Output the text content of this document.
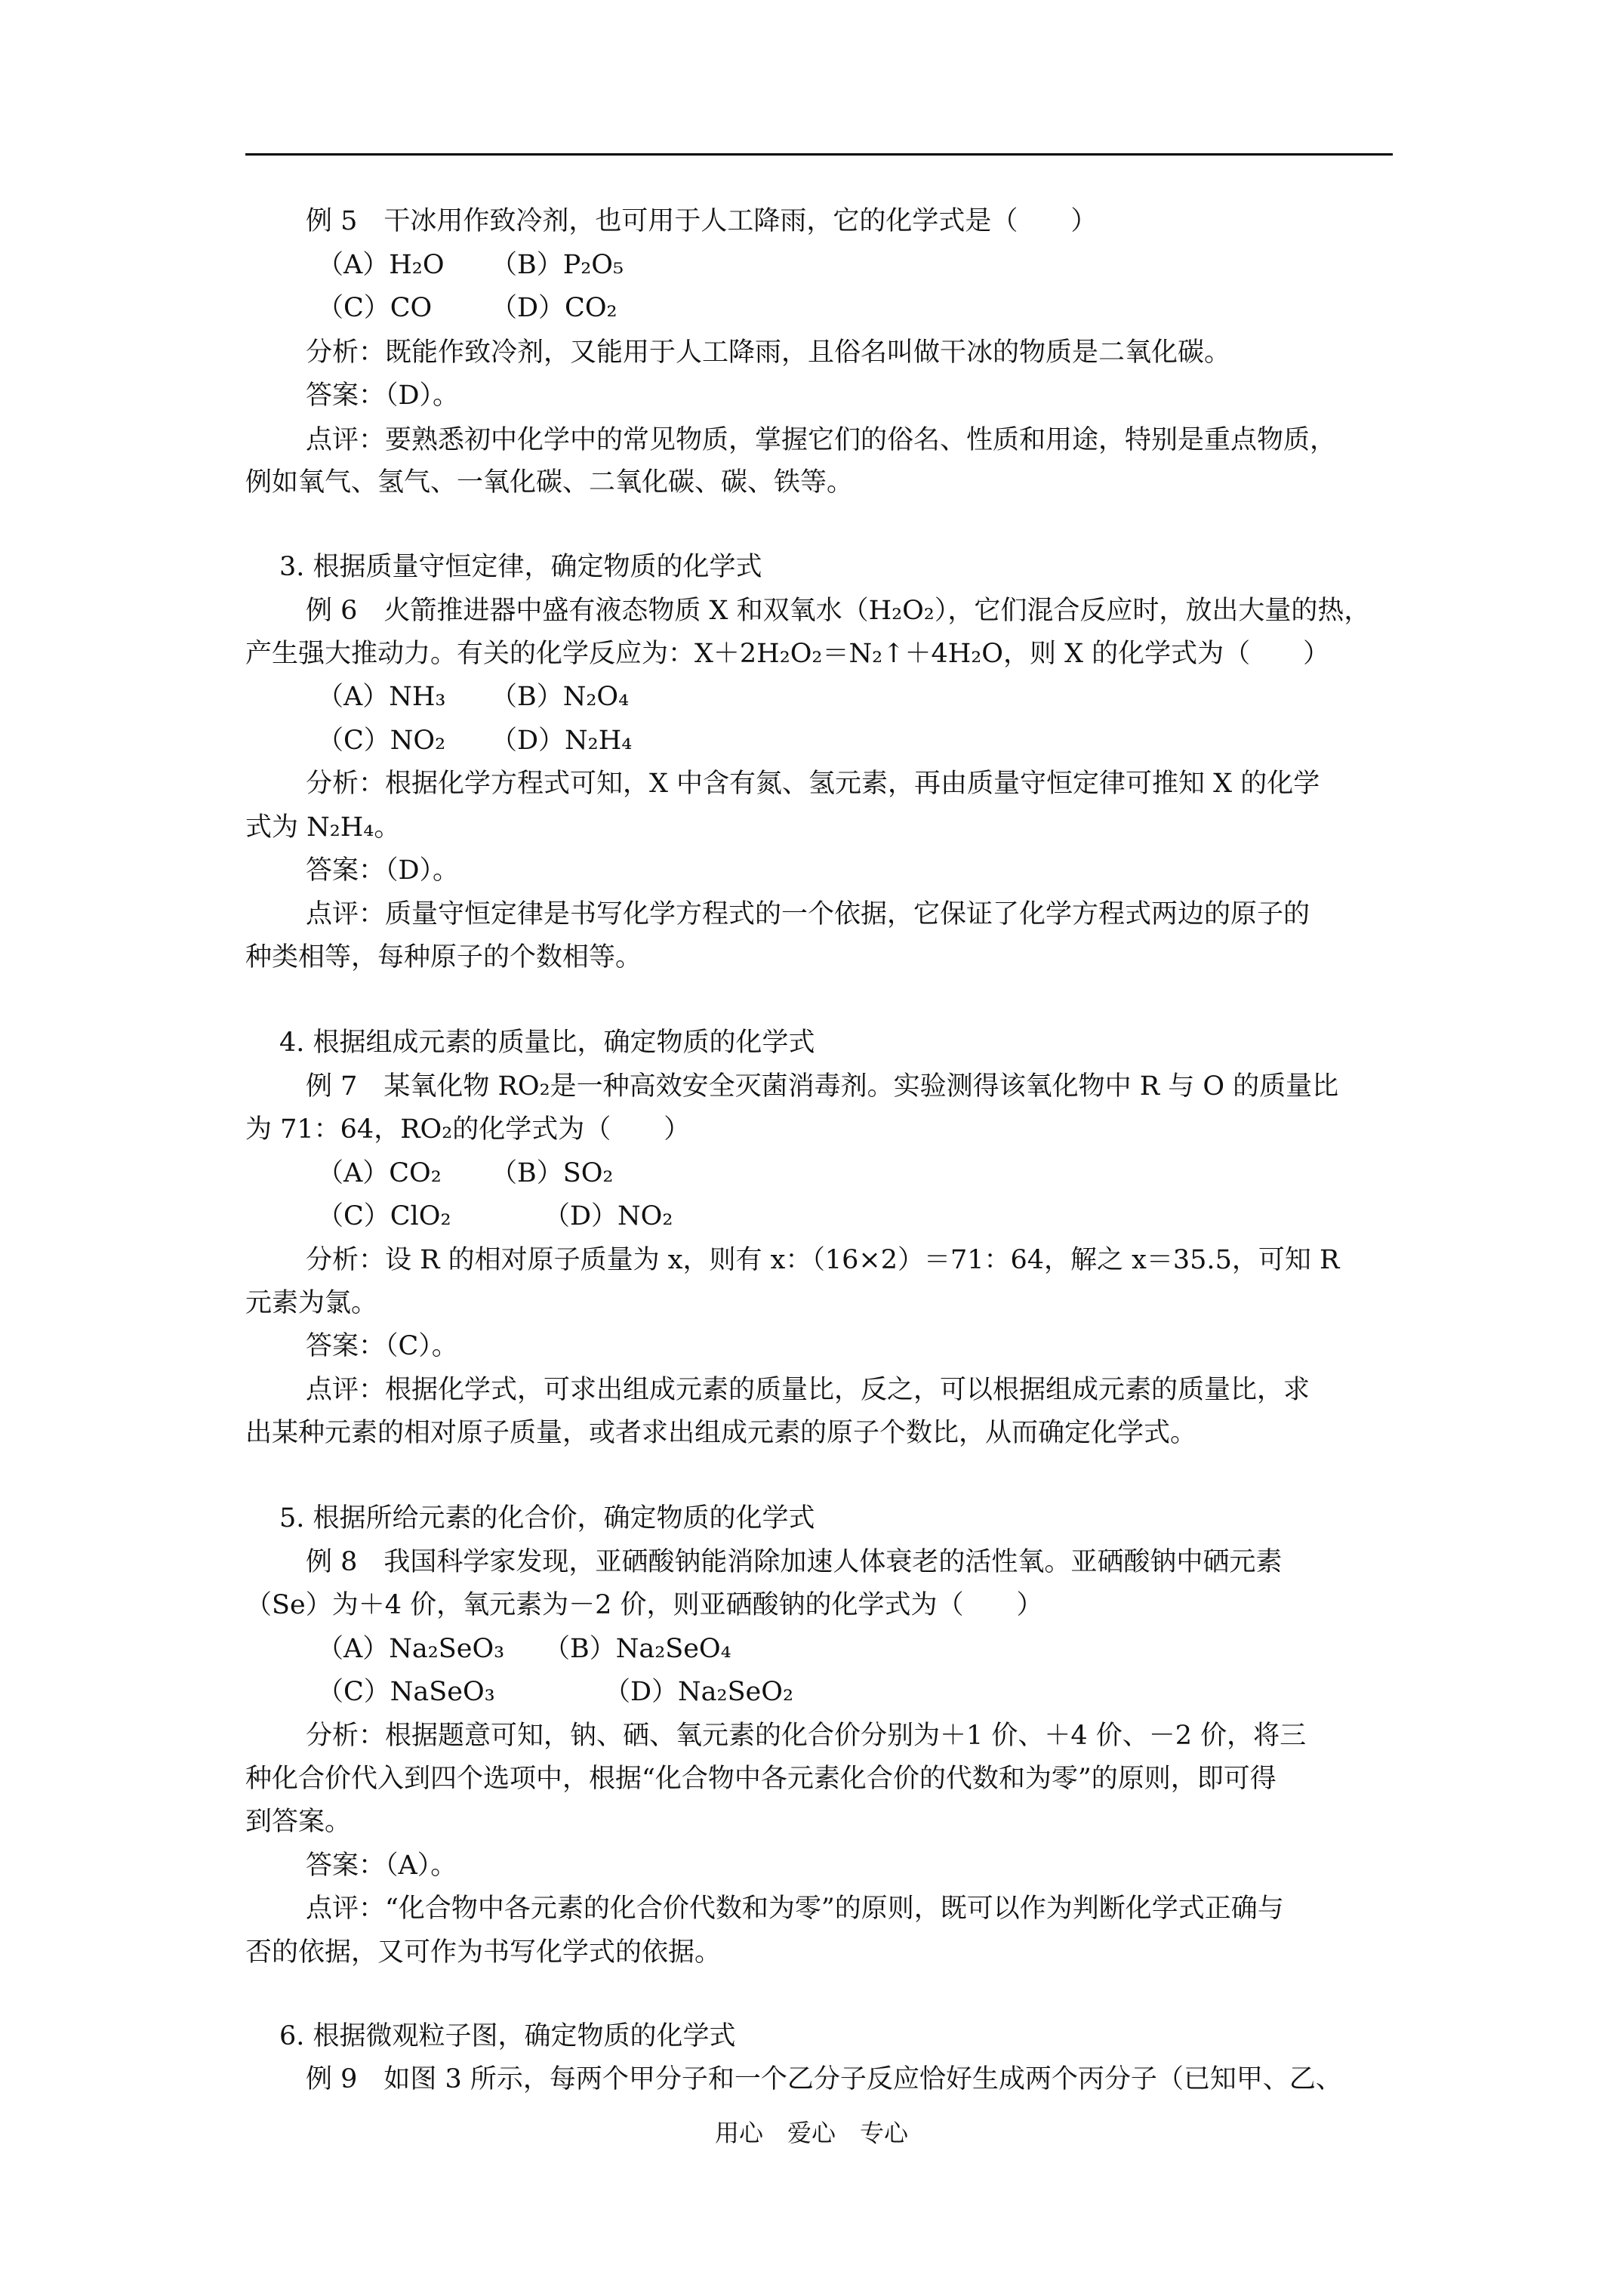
例 5　干冰用作致冷剂，也可用于人工降雨，它的化学式是（　　）
（A）H₂O （B）P₂O₅
（C）CO （D）CO₂
分析：既能作致冷剂，又能用于人工降雨，且俗名叫做干冰的物质是二氧化碳。
答案：（D）。
点评：要熟悉初中化学中的常见物质，掌握它们的俗名、性质和用途，特别是重点物质，
例如氧气、氢气、一氧化碳、二氧化碳、碳、铁等。
3. 根据质量守恒定律，确定物质的化学式
例 6　火箭推进器中盛有液态物质 X 和双氧水（H₂O₂），它们混合反应时，放出大量的热，
产生强大推动力。有关的化学反应为：X＋2H₂O₂＝N₂↑＋4H₂O，则 X 的化学式为（　　）
（A）NH₃ （B）N₂O₄
（C）NO₂ （D）N₂H₄
分析：根据化学方程式可知，X 中含有氮、氢元素，再由质量守恒定律可推知 X 的化学
式为 N₂H₄。
答案：（D）。
点评：质量守恒定律是书写化学方程式的一个依据，它保证了化学方程式两边的原子的
种类相等，每种原子的个数相等。
4. 根据组成元素的质量比，确定物质的化学式
例 7　某氧化物 RO₂是一种高效安全灭菌消毒剂。实验测得该氧化物中 R 与 O 的质量比
为 71：64，RO₂的化学式为（　　）
（A）CO₂ （B）SO₂
（C）ClO₂	（D）NO₂
分析：设 R 的相对原子质量为 x，则有 x：（16×2）＝71：64，解之 x＝35.5，可知 R
元素为氯。
答案：（C）。
点评：根据化学式，可求出组成元素的质量比，反之，可以根据组成元素的质量比，求
出某种元素的相对原子质量，或者求出组成元素的原子个数比，从而确定化学式。
5. 根据所给元素的化合价，确定物质的化学式
例 8　我国科学家发现，亚硒酸钠能消除加速人体衰老的活性氧。亚硒酸钠中硒元素
（Se）为＋4 价，氧元素为－2 价，则亚硒酸钠的化学式为（　　）
（A）Na₂SeO₃ （B）Na₂SeO₄
（C）NaSeO₃	（D）Na₂SeO₂
分析：根据题意可知，钠、硒、氧元素的化合价分别为＋1 价、＋4 价、－2 价，将三
种化合价代入到四个选项中，根据“化合物中各元素化合价的代数和为零”的原则，即可得
到答案。
答案：（A）。
点评：“化合物中各元素的化合价代数和为零”的原则，既可以作为判断化学式正确与
否的依据，又可作为书写化学式的依据。
6. 根据微观粒子图，确定物质的化学式
例 9　如图 3 所示，每两个甲分子和一个乙分子反应恰好生成两个丙分子（已知甲、乙、
用心　爱心　专心
